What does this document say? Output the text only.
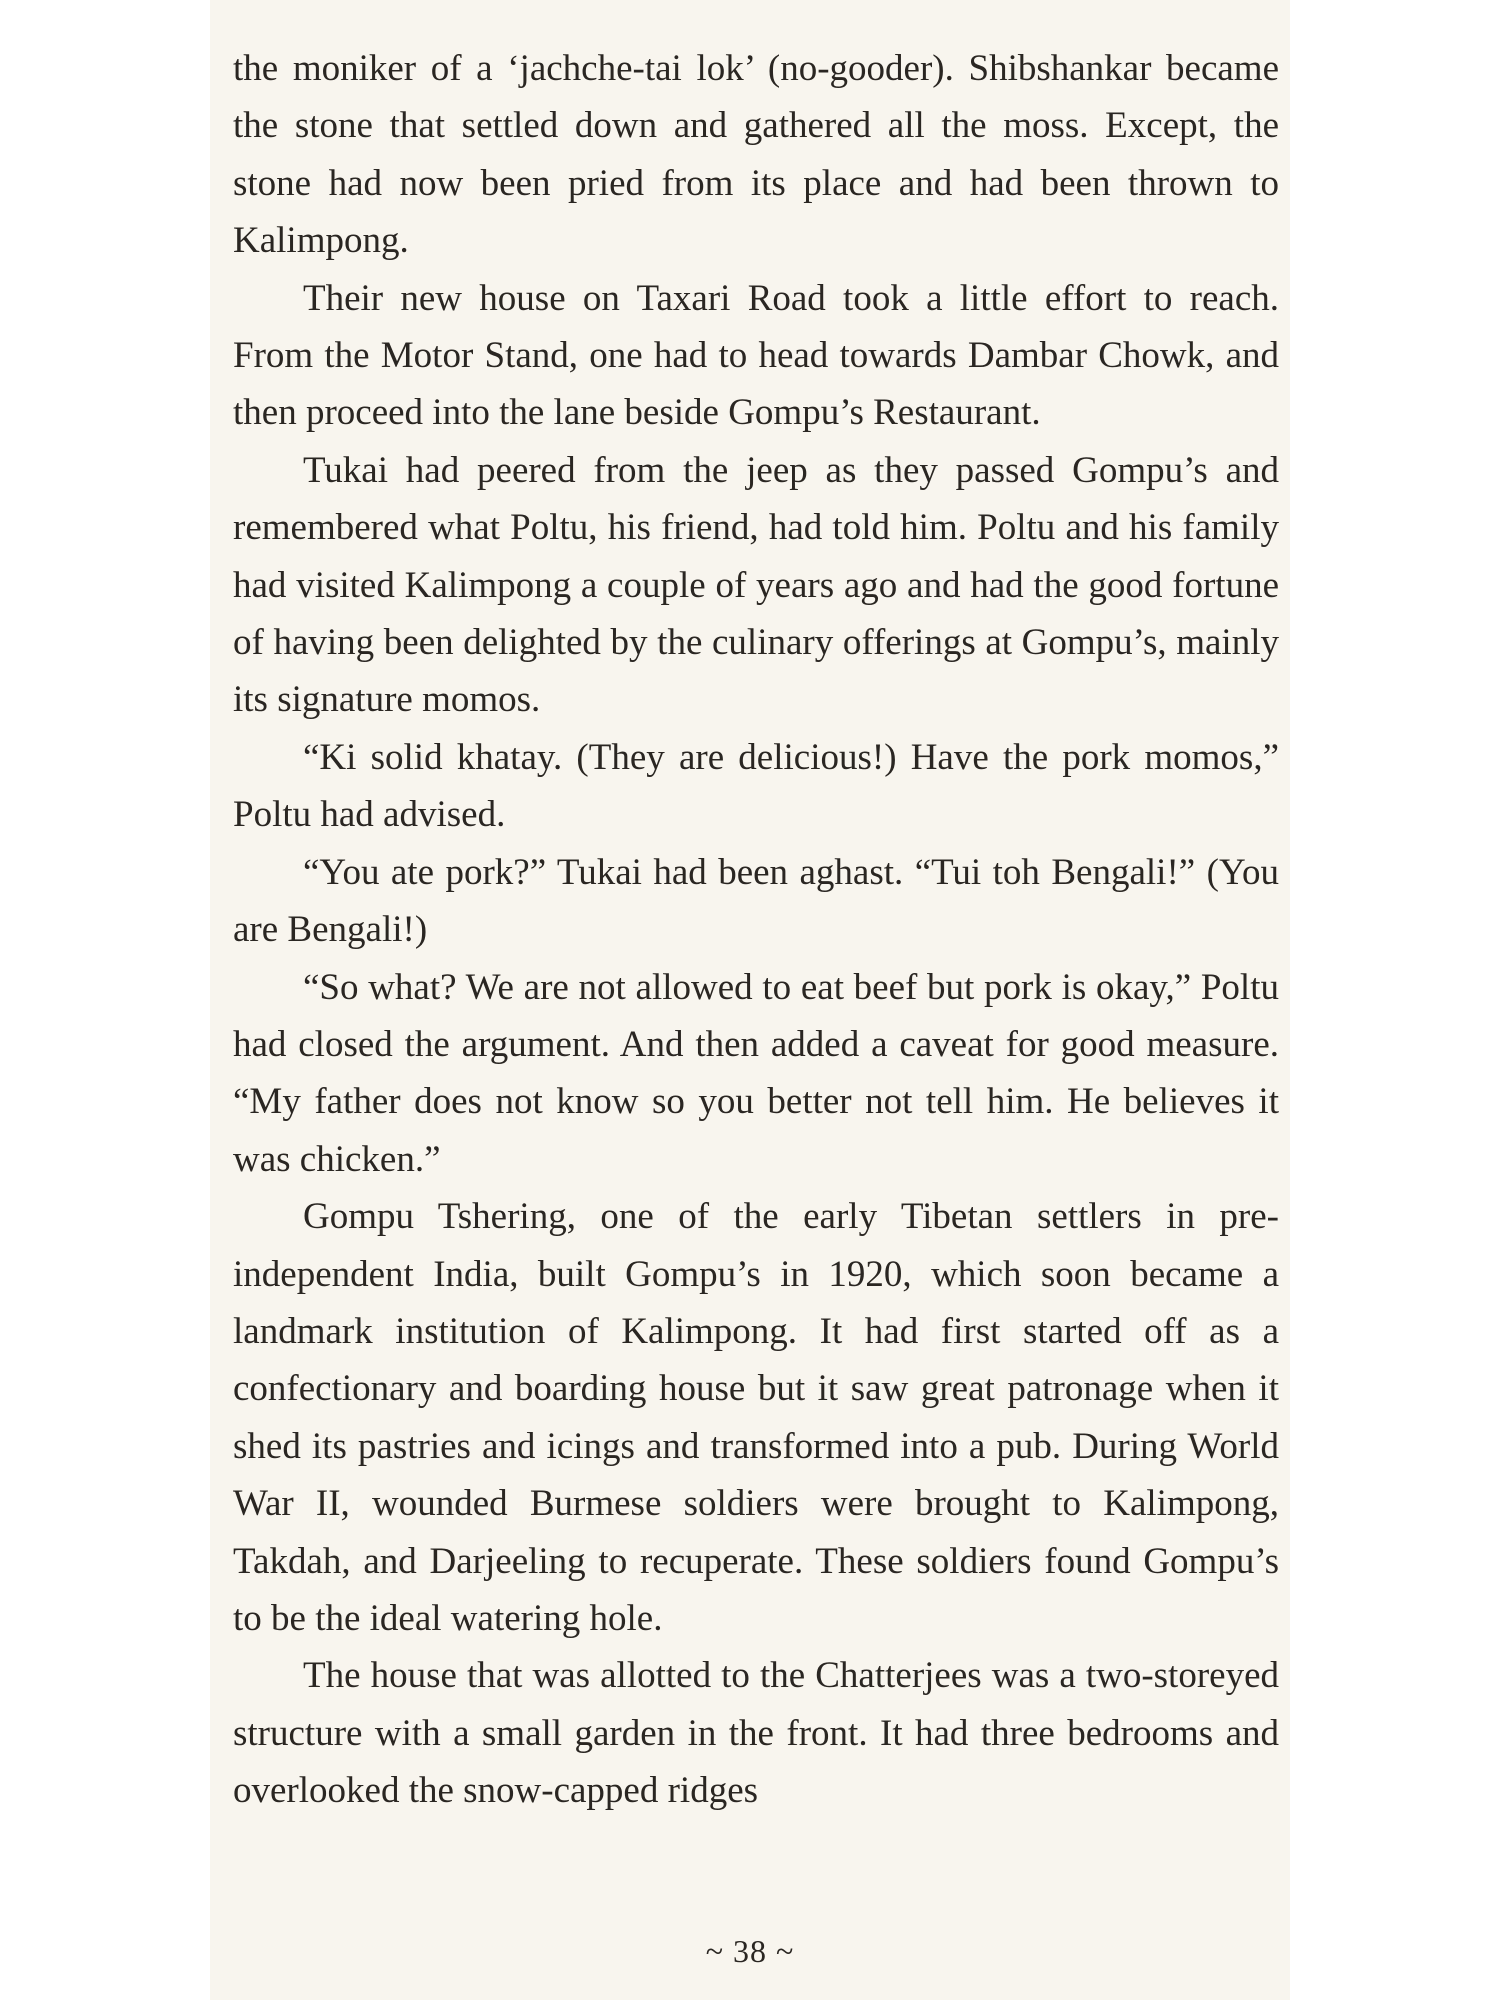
the moniker of a ‘jachche-tai lok’ (no-gooder). Shibshankar became the stone that settled down and gathered all the moss. Except, the stone had now been pried from its place and had been thrown to Kalimpong.

Their new house on Taxari Road took a little effort to reach. From the Motor Stand, one had to head towards Dambar Chowk, and then proceed into the lane beside Gompu’s Restaurant.

Tukai had peered from the jeep as they passed Gompu’s and remembered what Poltu, his friend, had told him. Poltu and his family had visited Kalimpong a couple of years ago and had the good fortune of having been delighted by the culinary offerings at Gompu’s, mainly its signature momos.

“Ki solid khatay. (They are delicious!) Have the pork momos,” Poltu had advised.

“You ate pork?” Tukai had been aghast. “Tui toh Bengali!” (You are Bengali!)

“So what? We are not allowed to eat beef but pork is okay,” Poltu had closed the argument. And then added a caveat for good measure. “My father does not know so you better not tell him. He believes it was chicken.”

Gompu Tshering, one of the early Tibetan settlers in pre-independent India, built Gompu’s in 1920, which soon became a landmark institution of Kalimpong. It had first started off as a confectionary and boarding house but it saw great patronage when it shed its pastries and icings and transformed into a pub. During World War II, wounded Burmese soldiers were brought to Kalimpong, Takdah, and Darjeeling to recuperate. These soldiers found Gompu’s to be the ideal watering hole.

The house that was allotted to the Chatterjees was a two-storeyed structure with a small garden in the front. It had three bedrooms and overlooked the snow-capped ridges

~ 38 ~
